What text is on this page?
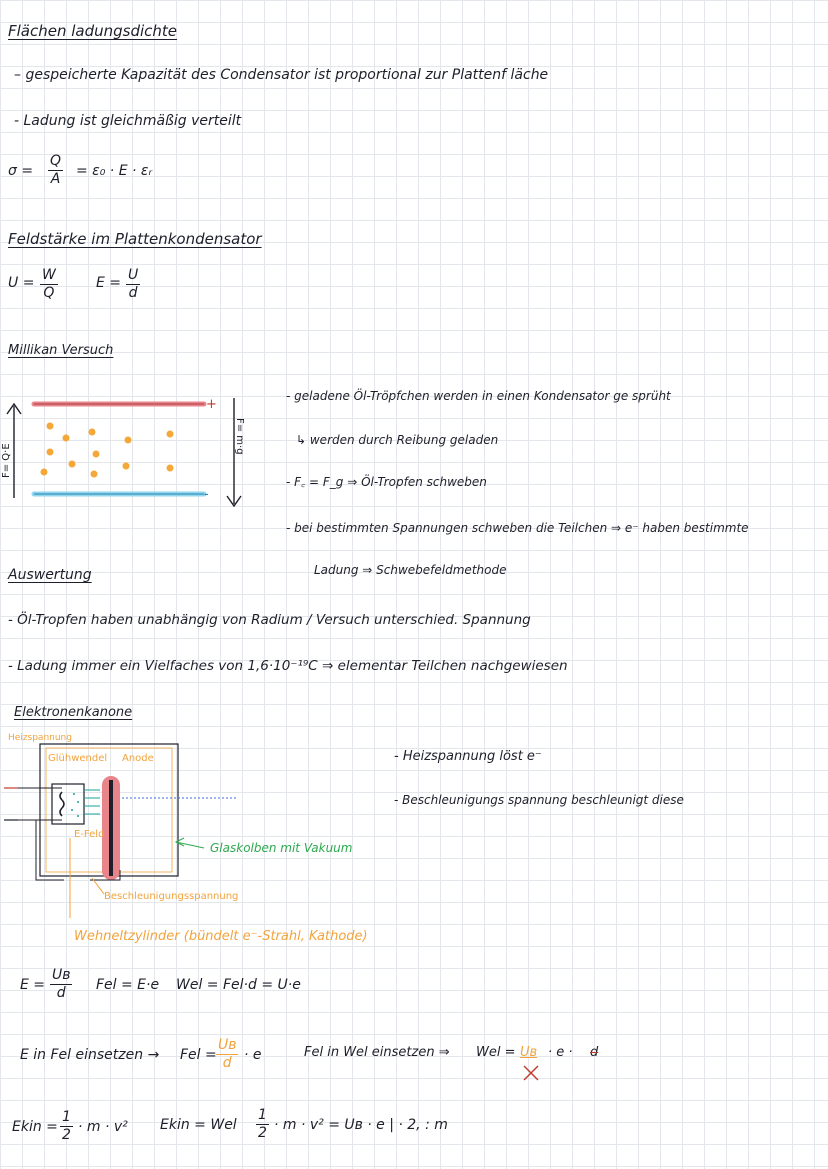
Flächen ladungsdichte
– gespeicherte Kapazität des Condensator ist proportional zur Plattenf läche
- Ladung ist gleichmäßig verteilt
$\sigma = \frac{Q}{A} = \varepsilon_0 \cdot E$ · εᵣ
Feldstärke im Plattenkondensator
$U = \frac{W}{Q}$	$E = \frac{U}{d}$
Millikan Versuch
+
-
F= Q·E
F= m·g
- geladene Öl-Tröpfchen werden in einen Kondensator ge sprüht
↳ werden durch Reibung geladen
- F꜀ = F_g ⇒ Öl-Tropfen schweben
- bei bestimmten Spannungen schweben die Teilchen ⇒ e⁻ haben bestimmte
Ladung ⇒ Schwebefeldmethode
Auswertung
- Öl-Tropfen haben unabhängig von Radium / Versuch unterschied. Spannung
- Ladung immer ein Vielfaches von 1,6·10⁻¹⁹C ⇒ elementar Teilchen nachgewiesen
Elektronenkanone
Heizspannung
Glühwendel Anode
E-Feld
Glaskolben mit Vakuum
Beschleunigungsspannung
Wehneltzylinder (bündelt e⁻-Strahl, Kathode)
- Heizspannung löst e⁻
- Beschleunigungs spannung beschleunigt diese
$E = \frac{\text{Uʙ}}{d}$ Fel = E·e Wel = Fel·d = U·e
E in Fel einsetzen → Fel = $\frac{\text{Uʙ}}{d} \cdot e$	Fel in Wel einsetzen ⇒ Wel = Uʙ · e · d
Ekin = $\frac{1}{2} \cdot m \cdot v^2$ Ekin = Wel $\frac{1}{2} \cdot m \cdot v^2$ = Uʙ · e | · 2, : m
